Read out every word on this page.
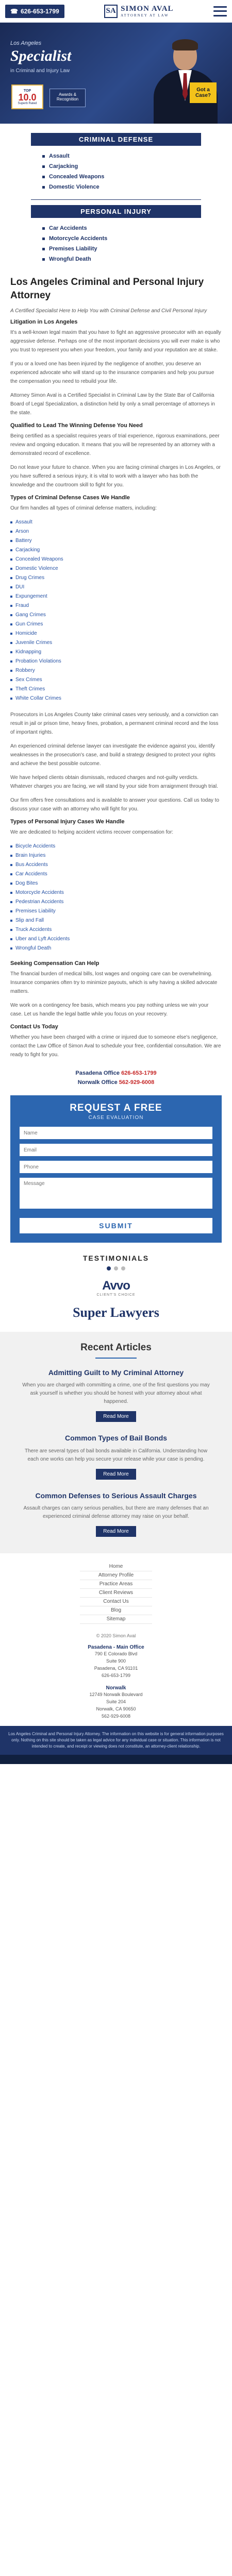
☎ 626-653-1799	SA SIMON AVAL
ATTORNEY AT LAW
Los Angeles
Specialist
in Criminal and Injury Law
TOP
10.0
Superb Rated
Awards & Recognition
Got a Case?
CRIMINAL DEFENSE
Assault
Carjacking
Concealed Weapons
Domestic Violence
PERSONAL INJURY
Car Accidents
Motorcycle Accidents
Premises Liability
Wrongful Death
Los Angeles Criminal and Personal Injury Attorney
A Certified Specialist Here to Help You with Criminal Defense and Civil Personal Injury
Litigation in Los Angeles

It's a well-known legal maxim that you have to fight an aggressive prosecutor with an equally aggressive defense. Perhaps one of the most important decisions you will ever make is who you trust to represent you when your freedom, your family and your reputation are at stake.

If you or a loved one has been injured by the negligence of another, you deserve an experienced advocate who will stand up to the insurance companies and help you pursue the compensation you need to rebuild your life.

Attorney Simon Aval is a Certified Specialist in Criminal Law by the State Bar of California Board of Legal Specialization, a distinction held by only a small percentage of attorneys in the state.

Qualified to Lead The Winning Defense You Need

Being certified as a specialist requires years of trial experience, rigorous examinations, peer review and ongoing education. It means that you will be represented by an attorney with a demonstrated record of excellence.

Do not leave your future to chance. When you are facing criminal charges in Los Angeles, or you have suffered a serious injury, it is vital to work with a lawyer who has both the knowledge and the courtroom skill to fight for you.

Types of Criminal Defense Cases We Handle

Our firm handles all types of criminal defense matters, including:

Assault
Arson
Battery
Carjacking
Concealed Weapons
Domestic Violence
Drug Crimes
DUI
Expungement
Fraud
Gang Crimes
Gun Crimes
Homicide
Juvenile Crimes
Kidnapping
Probation Violations
Robbery
Sex Crimes
Theft Crimes
White Collar Crimes

Prosecutors in Los Angeles County take criminal cases very seriously, and a conviction can result in jail or prison time, heavy fines, probation, a permanent criminal record and the loss of important rights.

An experienced criminal defense lawyer can investigate the evidence against you, identify weaknesses in the prosecution's case, and build a strategy designed to protect your rights and achieve the best possible outcome.

We have helped clients obtain dismissals, reduced charges and not-guilty verdicts. Whatever charges you are facing, we will stand by your side from arraignment through trial.

Our firm offers free consultations and is available to answer your questions. Call us today to discuss your case with an attorney who will fight for you.

Types of Personal Injury Cases We Handle

We are dedicated to helping accident victims recover compensation for:

Bicycle Accidents
Brain Injuries
Bus Accidents
Car Accidents
Dog Bites
Motorcycle Accidents
Pedestrian Accidents
Premises Liability
Slip and Fall
Truck Accidents
Uber and Lyft Accidents
Wrongful Death
Seeking Compensation Can Help

The financial burden of medical bills, lost wages and ongoing care can be overwhelming. Insurance companies often try to minimize payouts, which is why having a skilled advocate matters.

We work on a contingency fee basis, which means you pay nothing unless we win your case. Let us handle the legal battle while you focus on your recovery.

Contact Us Today

Whether you have been charged with a crime or injured due to someone else's negligence, contact the Law Office of Simon Aval to schedule your free, confidential consultation. We are ready to fight for you.

Pasadena Office 626-653-1799
Norwalk Office 562-929-6008
REQUEST A FREE
CASE EVALUATION
Name Email Phone Message SUBMIT
TESTIMONIALS
Avvo
CLIENT'S CHOICE
Super Lawyers
Recent Articles
Admitting Guilt to My Criminal Attorney

When you are charged with committing a crime, one of the first questions you may ask yourself is whether you should be honest with your attorney about what happened.

Read More
Common Types of Bail Bonds

There are several types of bail bonds available in California. Understanding how each one works can help you secure your release while your case is pending.

Read More
Common Defenses to Serious Assault Charges

Assault charges can carry serious penalties, but there are many defenses that an experienced criminal defense attorney may raise on your behalf.

Read More
Home
Attorney Profile
Practice Areas
Client Reviews
Contact Us
Blog
Sitemap
© 2020 Simon Aval
Pasadena - Main Office
790 E Colorado Blvd
Suite 900
Pasadena, CA 91101
626-653-1799
Norwalk
12749 Norwalk Boulevard
Suite 204
Norwalk, CA 90650
562-929-6008
Los Angeles Criminal and Personal Injury Attorney. The information on this website is for general information purposes only. Nothing on this site should be taken as legal advice for any individual case or situation. This information is not intended to create, and receipt or viewing does not constitute, an attorney-client relationship.
